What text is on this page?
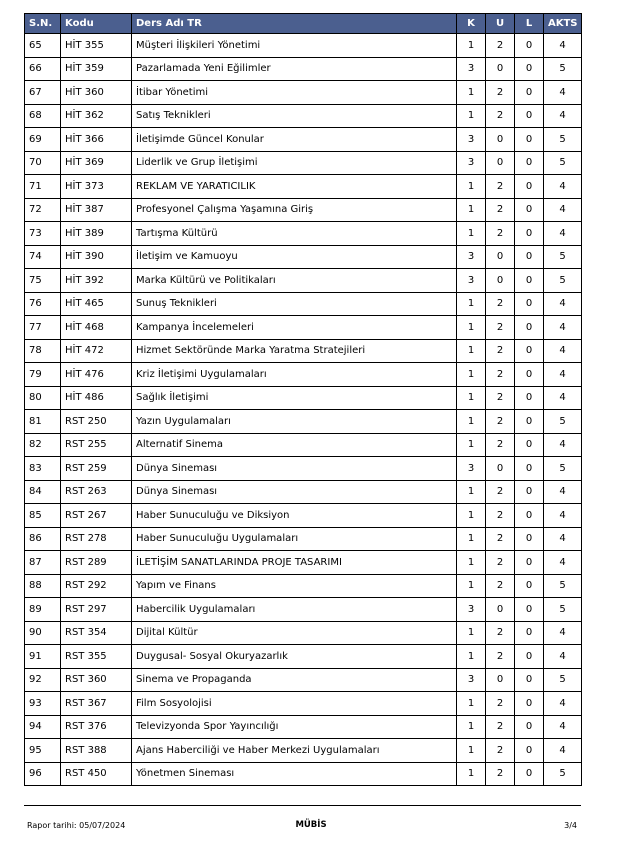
S.N.	Kodu	Ders Adı TR	K	U	L	AKTS
65	HİT 355	Müşteri İlişkileri Yönetimi	1	2	0	4
66	HİT 359	Pazarlamada Yeni Eğilimler	3	0	0	5
67	HİT 360	İtibar Yönetimi	1	2	0	4
68	HİT 362	Satış Teknikleri	1	2	0	4
69	HİT 366	İletişimde Güncel Konular	3	0	0	5
70	HİT 369	Liderlik ve Grup İletişimi	3	0	0	5
71	HİT 373	REKLAM VE YARATICILIK	1	2	0	4
72	HİT 387	Profesyonel Çalışma Yaşamına Giriş	1	2	0	4
73	HİT 389	Tartışma Kültürü	1	2	0	4
74	HİT 390	İletişim ve Kamuoyu	3	0	0	5
75	HİT 392	Marka Kültürü ve Politikaları	3	0	0	5
76	HİT 465	Sunuş Teknikleri	1	2	0	4
77	HİT 468	Kampanya İncelemeleri	1	2	0	4
78	HİT 472	Hizmet Sektöründe Marka Yaratma Stratejileri	1	2	0	4
79	HİT 476	Kriz İletişimi Uygulamaları	1	2	0	4
80	HİT 486	Sağlık İletişimi	1	2	0	4
81	RST 250	Yazın Uygulamaları	1	2	0	5
82	RST 255	Alternatif Sinema	1	2	0	4
83	RST 259	Dünya Sineması	3	0	0	5
84	RST 263	Dünya Sineması	1	2	0	4
85	RST 267	Haber Sunuculuğu ve Diksiyon	1	2	0	4
86	RST 278	Haber Sunuculuğu Uygulamaları	1	2	0	4
87	RST 289	İLETİŞİM SANATLARINDA PROJE TASARIMI	1	2	0	4
88	RST 292	Yapım ve Finans	1	2	0	5
89	RST 297	Habercilik Uygulamaları	3	0	0	5
90	RST 354	Dijital Kültür	1	2	0	4
91	RST 355	Duygusal- Sosyal Okuryazarlık	1	2	0	4
92	RST 360	Sinema ve Propaganda	3	0	0	5
93	RST 367	Film Sosyolojisi	1	2	0	4
94	RST 376	Televizyonda Spor Yayıncılığı	1	2	0	4
95	RST 388	Ajans Haberciliği ve Haber Merkezi Uygulamaları	1	2	0	4
96	RST 450	Yönetmen Sineması	1	2	0	5
Rapor tarihi: 05/07/2024	MÜBİS	3/4
